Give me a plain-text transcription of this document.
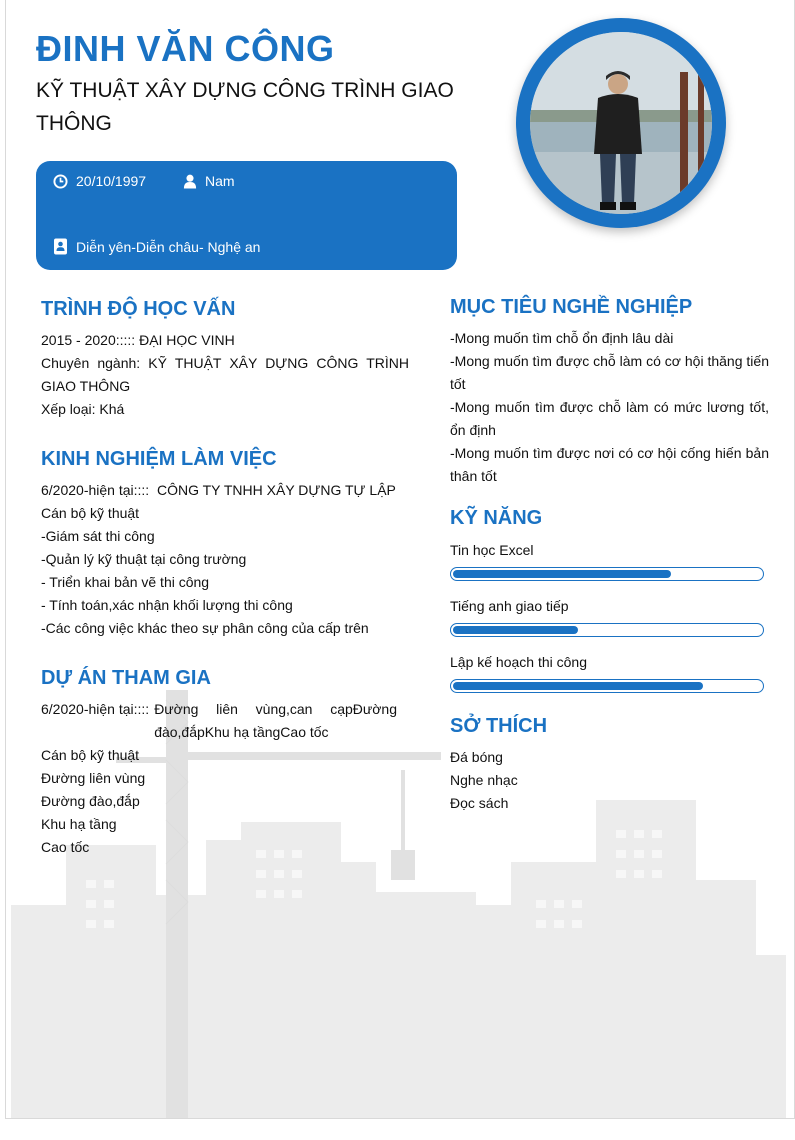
ĐINH VĂN CÔNG
KỸ THUẬT XÂY DỰNG CÔNG TRÌNH GIAO THÔNG
20/10/1997	Nam
Diễn yên-Diễn châu- Nghệ an
TRÌNH ĐỘ HỌC VẤN
2015 - 2020::::: ĐẠI HỌC VINH
Chuyên ngành: KỸ THUẬT XÂY DỰNG CÔNG TRÌNH GIAO THÔNG
Xếp loại: Khá
KINH NGHIỆM LÀM VIỆC
6/2020-hiện tại:::: CÔNG TY TNHH XÂY DỰNG TỰ LẬP
Cán bộ kỹ thuật
-Giám sát thi công
-Quản lý kỹ thuật tại công trường
- Triển khai bản vẽ thi công
- Tính toán,xác nhận khối lượng thi công
-Các công việc khác theo sự phân công của cấp trên
DỰ ÁN THAM GIA
6/2020-hiện tại:::: Đường liên vùng,can cạpĐường đào,đắpKhu hạ tầngCao tốc
Cán bộ kỹ thuật
Đường liên vùng
Đường đào,đắp
Khu hạ tầng
Cao tốc
MỤC TIÊU NGHỀ NGHIỆP
-Mong muốn tìm chỗ ổn định lâu dài
-Mong muốn tìm được chỗ làm có cơ hội thăng tiến tốt
-Mong muốn tìm được chỗ làm có mức lương tốt, ổn định
-Mong muốn tìm được nơi có cơ hội cống hiến bản thân tốt
KỸ NĂNG
Tin học Excel
Tiếng anh giao tiếp
Lập kế hoạch thi công
SỞ THÍCH
Đá bóng
Nghe nhạc
Đọc sách
